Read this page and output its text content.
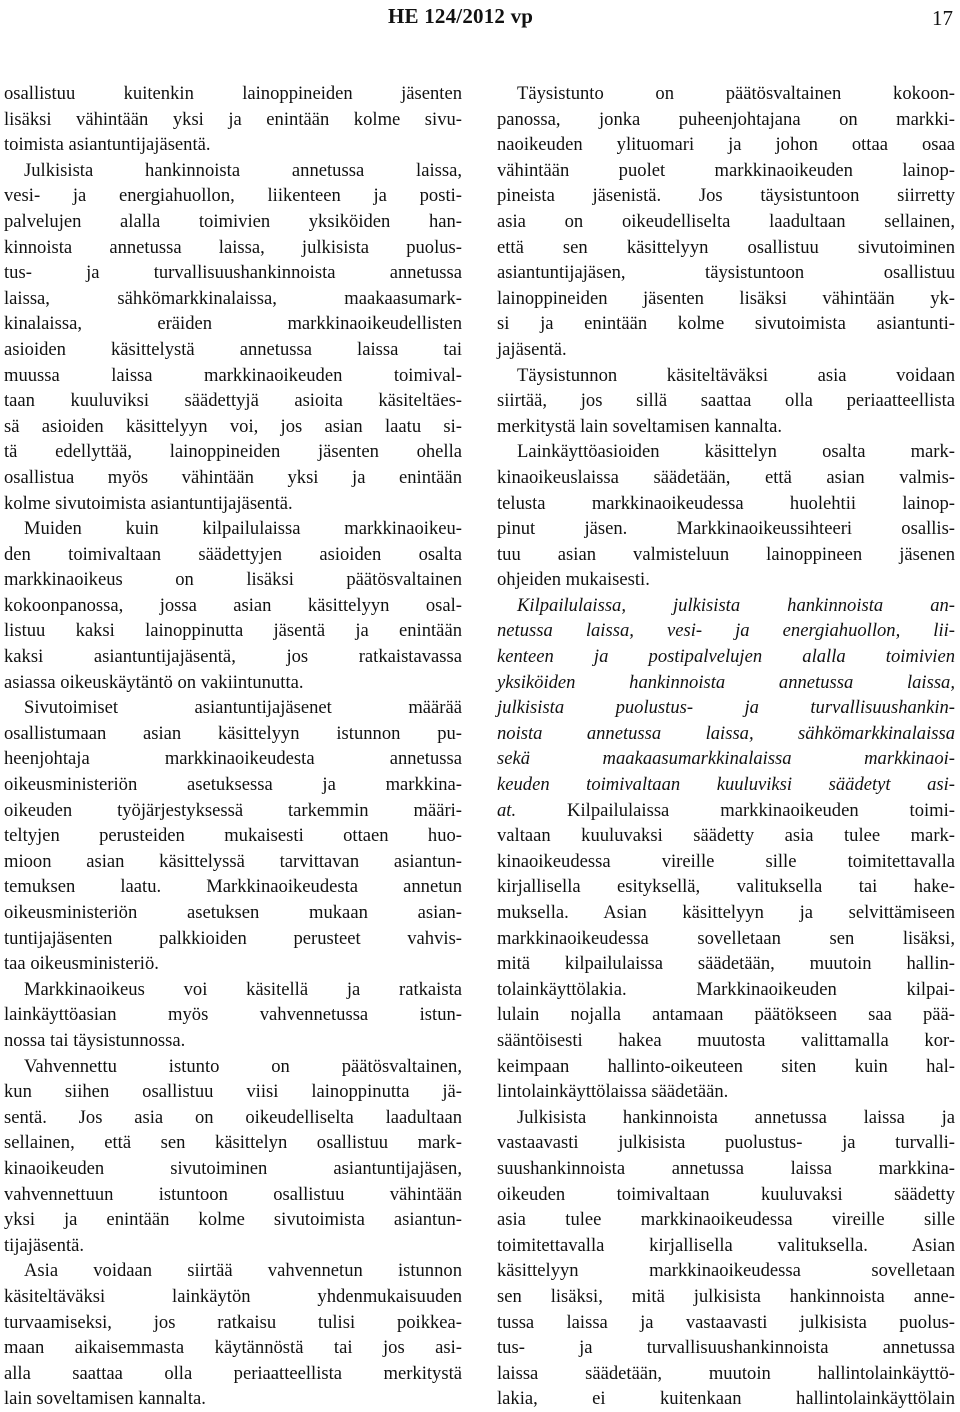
HE 124/2012 vp	17
osallistuu kuitenkin lainoppineiden jäsenten
lisäksi vähintään yksi ja enintään kolme sivu-
toimista asiantuntijajäsentä.
Julkisista hankinnoista annetussa laissa,
vesi- ja energiahuollon, liikenteen ja posti-
palvelujen alalla toimivien yksiköiden han-
kinnoista annetussa laissa, julkisista puolus-
tus- ja turvallisuushankinnoista annetussa
laissa, sähkömarkkinalaissa, maakaasumark-
kinalaissa, eräiden markkinaoikeudellisten
asioiden käsittelystä annetussa laissa tai
muussa laissa markkinaoikeuden toimival-
taan kuuluviksi säädettyjä asioita käsiteltäes-
sä asioiden käsittelyyn voi, jos asian laatu si-
tä edellyttää, lainoppineiden jäsenten ohella
osallistua myös vähintään yksi ja enintään
kolme sivutoimista asiantuntijajäsentä.
Muiden kuin kilpailulaissa markkinaoikeu-
den toimivaltaan säädettyjen asioiden osalta
markkinaoikeus on lisäksi päätösvaltainen
kokoonpanossa, jossa asian käsittelyyn osal-
listuu kaksi lainoppinutta jäsentä ja enintään
kaksi asiantuntijajäsentä, jos ratkaistavassa
asiassa oikeuskäytäntö on vakiintunutta.
Sivutoimiset asiantuntijajäsenet määrää
osallistumaan asian käsittelyyn istunnon pu-
heenjohtaja markkinaoikeudesta annetussa
oikeusministeriön asetuksessa ja markkina-
oikeuden työjärjestyksessä tarkemmin määri-
teltyjen perusteiden mukaisesti ottaen huo-
mioon asian käsittelyssä tarvittavan asiantun-
temuksen laatu. Markkinaoikeudesta annetun
oikeusministeriön asetuksen mukaan asian-
tuntijajäsenten palkkioiden perusteet vahvis-
taa oikeusministeriö.
Markkinaoikeus voi käsitellä ja ratkaista
lainkäyttöasian myös vahvennetussa istun-
nossa tai täysistunnossa.
Vahvennettu istunto on päätösvaltainen,
kun siihen osallistuu viisi lainoppinutta jä-
sentä. Jos asia on oikeudelliselta laadultaan
sellainen, että sen käsittelyn osallistuu mark-
kinaoikeuden sivutoiminen asiantuntijajäsen,
vahvennettuun istuntoon osallistuu vähintään
yksi ja enintään kolme sivutoimista asiantun-
tijajäsentä.
Asia voidaan siirtää vahvennetun istunnon
käsiteltäväksi lainkäytön yhdenmukaisuuden
turvaamiseksi, jos ratkaisu tulisi poikkea-
maan aikaisemmasta käytännöstä tai jos asi-
alla saattaa olla periaatteellista merkitystä
lain soveltamisen kannalta.
Täysistunto on päätösvaltainen kokoon-
panossa, jonka puheenjohtajana on markki-
naoikeuden ylituomari ja johon ottaa osaa
vähintään puolet markkinaoikeuden lainop-
pineista jäsenistä. Jos täysistuntoon siirretty
asia on oikeudelliselta laadultaan sellainen,
että sen käsittelyyn osallistuu sivutoiminen
asiantuntijajäsen, täysistuntoon osallistuu
lainoppineiden jäsenten lisäksi vähintään yk-
si ja enintään kolme sivutoimista asiantunti-
jajäsentä.
Täysistunnon käsiteltäväksi asia voidaan
siirtää, jos sillä saattaa olla periaatteellista
merkitystä lain soveltamisen kannalta.
Lainkäyttöasioiden käsittelyn osalta mark-
kinaoikeuslaissa säädetään, että asian valmis-
telusta markkinaoikeudessa huolehtii lainop-
pinut jäsen. Markkinaoikeussihteeri osallis-
tuu asian valmisteluun lainoppineen jäsenen
ohjeiden mukaisesti.
Kilpailulaissa, julkisista hankinnoista an-
netussa laissa, vesi- ja energiahuollon, lii-
kenteen ja postipalvelujen alalla toimivien
yksiköiden hankinnoista annetussa laissa,
julkisista puolustus- ja turvallisuushankin-
noista annetussa laissa, sähkömarkkinalaissa
sekä maakaasumarkkinalaissa markkinaoi-
keuden toimivaltaan kuuluviksi säädetyt asi-
at. Kilpailulaissa markkinaoikeuden toimi-
valtaan kuuluvaksi säädetty asia tulee mark-
kinaoikeudessa vireille sille toimitettavalla
kirjallisella esityksellä, valituksella tai hake-
muksella. Asian käsittelyyn ja selvittämiseen
markkinaoikeudessa sovelletaan sen lisäksi,
mitä kilpailulaissa säädetään, muutoin hallin-
tolainkäyttölakia. Markkinaoikeuden kilpai-
lulain nojalla antamaan päätökseen saa pää-
sääntöisesti hakea muutosta valittamalla kor-
keimpaan hallinto-oikeuteen siten kuin hal-
lintolainkäyttölaissa säädetään.
Julkisista hankinnoista annetussa laissa ja
vastaavasti julkisista puolustus- ja turvalli-
suushankinnoista annetussa laissa markkina-
oikeuden toimivaltaan kuuluvaksi säädetty
asia tulee markkinaoikeudessa vireille sille
toimitettavalla kirjallisella valituksella. Asian
käsittelyyn markkinaoikeudessa sovelletaan
sen lisäksi, mitä julkisista hankinnoista anne-
tussa laissa ja vastaavasti julkisista puolus-
tus- ja turvallisuushankinnoista annetussa
laissa säädetään, muutoin hallintolainkäyttö-
lakia, ei kuitenkaan hallintolainkäyttölain
